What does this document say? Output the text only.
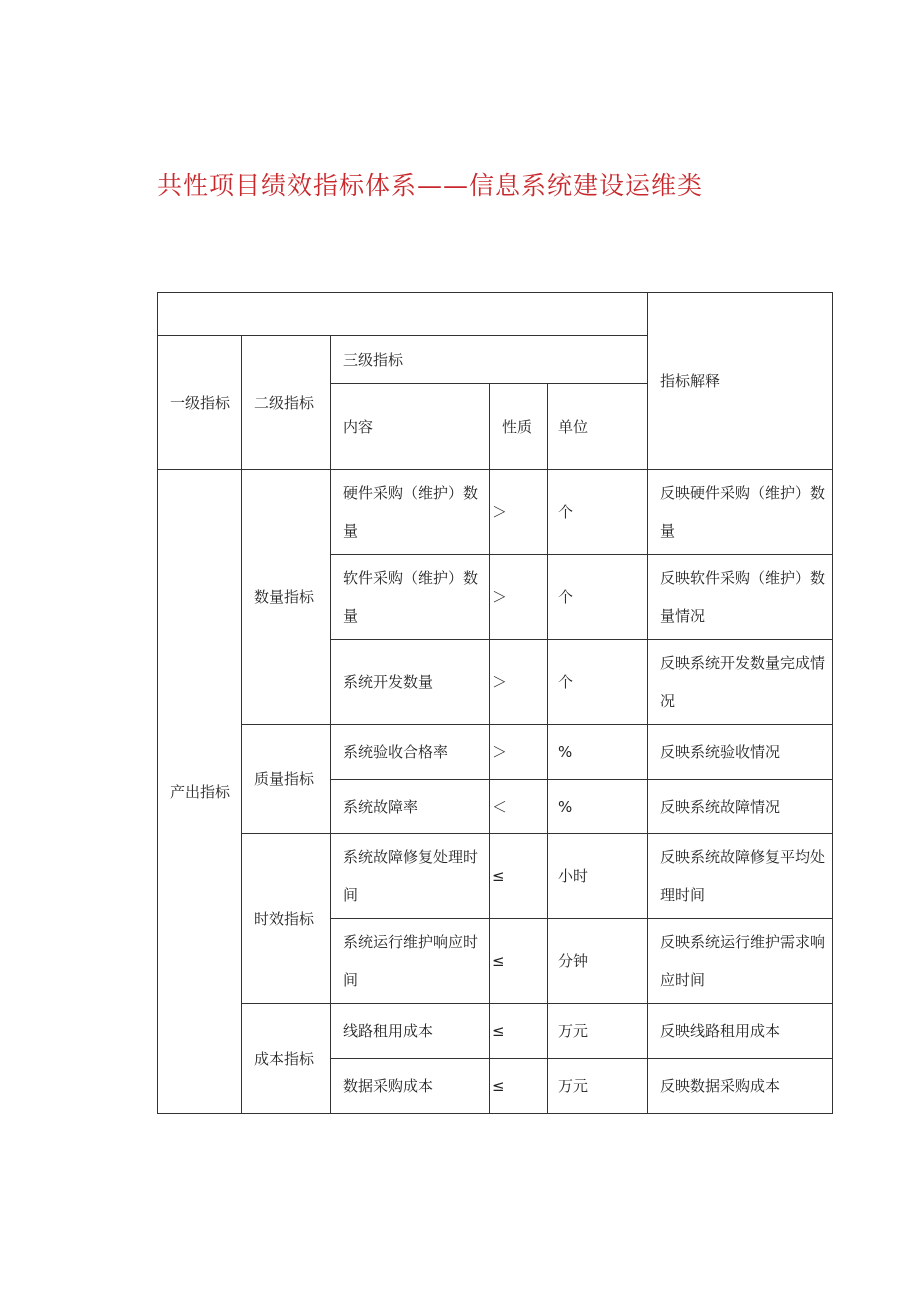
共性项目绩效指标体系——信息系统建设运维类

					指标解释

一级指标	二级指标	三级指标			

		内容	性质	单位	

产出指标	数量指标	硬件采购（维护）数量	＞	个	反映硬件采购（维护）数量

		软件采购（维护）数量	＞	个	反映软件采购（维护）数量情况

		系统开发数量	＞	个	反映系统开发数量完成情况

	质量指标	系统验收合格率	＞	%	反映系统验收情况

		系统故障率	＜	%	反映系统故障情况

	时效指标	系统故障修复处理时间	≤	小时	反映系统故障修复平均处理时间

		系统运行维护响应时间	≤	分钟	反映系统运行维护需求响应时间

	成本指标	线路租用成本	≤	万元	反映线路租用成本

		数据采购成本	≤	万元	反映数据采购成本
